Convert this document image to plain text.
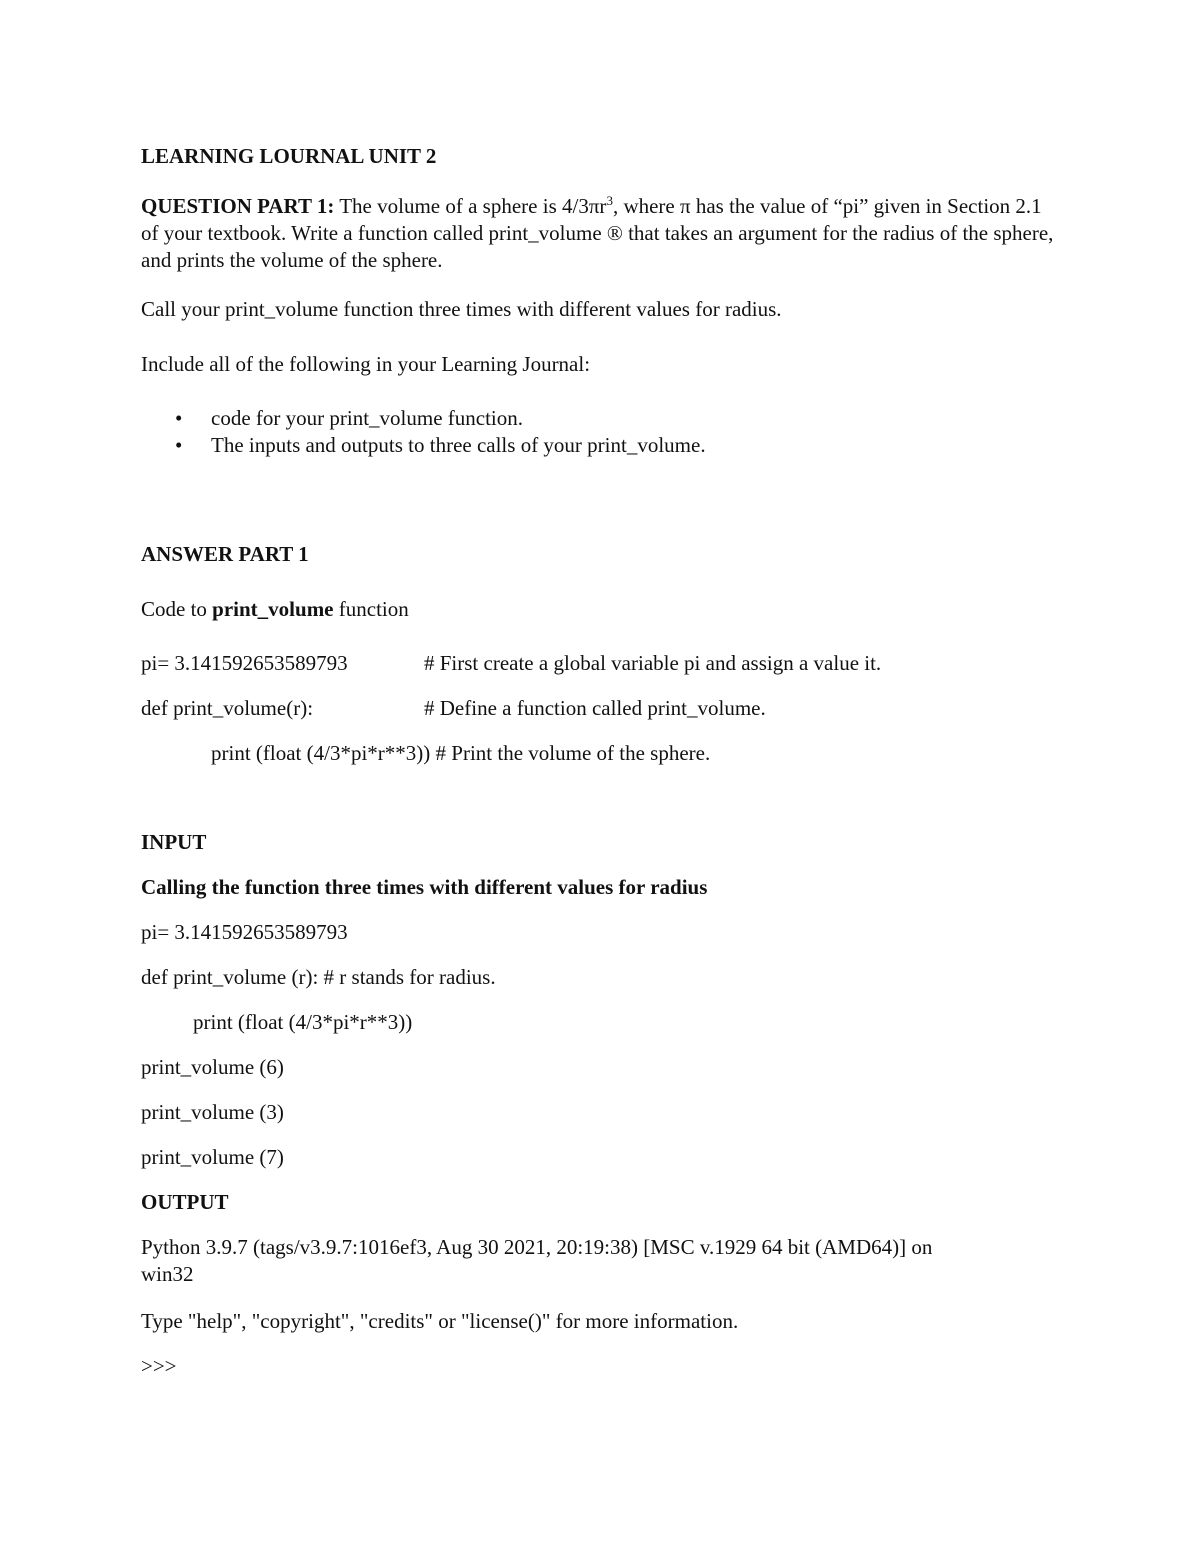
LEARNING LOURNAL UNIT 2
QUESTION PART 1: The volume of a sphere is $4/3\pi r^3$, where π has the value of “pi” given in Section 2.1 of your textbook. Write a function called print_volume ® that takes an argument for the radius of the sphere, and prints the volume of the sphere.
Call your print_volume function three times with different values for radius.
Include all of the following in your Learning Journal:
• code for your print_volume function.
• The inputs and outputs to three calls of your print_volume.
ANSWER PART 1
Code to print_volume function
pi= 3.141592653589793	# First create a global variable pi and assign a value it.
def print_volume(r):	# Define a function called print_volume.
print (float (4/3*pi*r**3)) # Print the volume of the sphere.
INPUT
Calling the function three times with different values for radius
pi= 3.141592653589793
def print_volume (r): # r stands for radius.
print (float (4/3*pi*r**3))
print_volume (6)
print_volume (3)
print_volume (7)
OUTPUT
Python 3.9.7 (tags/v3.9.7:1016ef3, Aug 30 2021, 20:19:38) [MSC v.1929 64 bit (AMD64)] on
win32
Type "help", "copyright", "credits" or "license()" for more information.
>>>
